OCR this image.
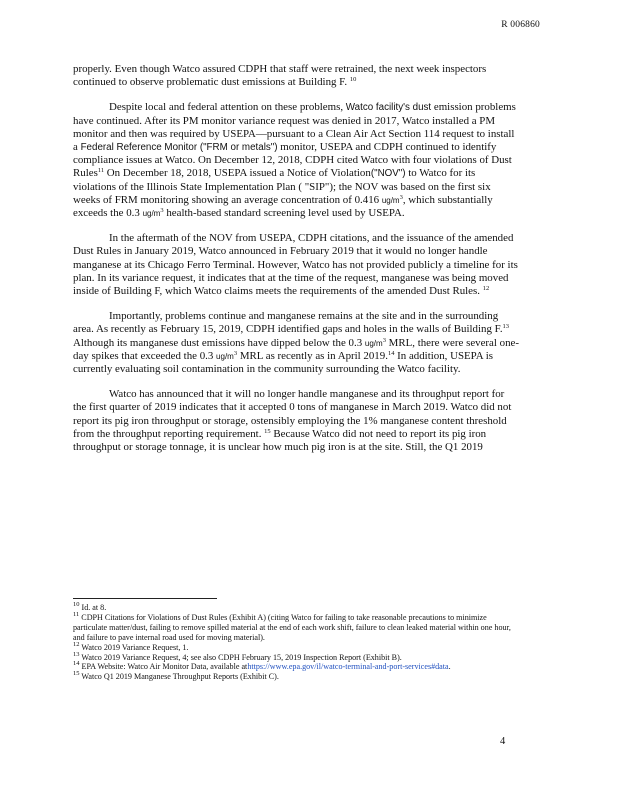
R 006860

properly. Even though Watco assured CDPH that staff were retrained, the next week inspectors continued to observe problematic dust emissions at Building F. $^{10}$

Despite local and federal attention on these problems, Watco facility's dust emission problems have continued. After its PM monitor variance request was denied in 2017, Watco installed a PM monitor and then was required by USEPA—pursuant to a Clean Air Act Section 114 request to install a Federal Reference Monitor ("FRM or metals") monitor, USEPA and CDPH continued to identify compliance issues at Watco. On December 12, 2018, CDPH cited Watco with four violations of Dust Rules$^{11}$ On December 18, 2018, USEPA issued a Notice of Violation("NOV") to Watco for its violations of the Illinois State Implementation Plan ( "SIP"); the NOV was based on the first six weeks of FRM monitoring showing an average concentration of 0.416 $ug/m^3$, which substantially exceeds the 0.3 $ug/m^3$ health-based standard screening level used by USEPA.

In the aftermath of the NOV from USEPA, CDPH citations, and the issuance of the amended Dust Rules in January 2019, Watco announced in February 2019 that it would no longer handle manganese at its Chicago Ferro Terminal. However, Watco has not provided publicly a timeline for its plan. In its variance request, it indicates that at the time of the request, manganese was being moved inside of Building F, which Watco claims meets the requirements of the amended Dust Rules. $^{12}$

Importantly, problems continue and manganese remains at the site and in the surrounding area. As recently as February 15, 2019, CDPH identified gaps and holes in the walls of Building F.$^{13}$ Although its manganese dust emissions have dipped below the 0.3 $ug/m^3$ MRL, there were several one-day spikes that exceeded the 0.3 $ug/m^3$ MRL as recently as in April 2019.14 In addition, USEPA is currently evaluating soil contamination in the community surrounding the Watco facility.

Watco has announced that it will no longer handle manganese and its throughput report for the first quarter of 2019 indicates that it accepted 0 tons of manganese in March 2019. Watco did not report its pig iron throughput or storage, ostensibly employing the 1% manganese content threshold from the throughput reporting requirement. $^{15}$ Because Watco did not need to report its pig iron throughput or storage tonnage, it is unclear how much pig iron is at the site. Still, the Q1 2019

$^{10}$ Id. at 8.

$^{11}$ CDPH Citations for Violations of Dust Rules (Exhibit A) (citing Watco for failing to take reasonable precautions to minimize particulate matter/dust, failing to remove spilled material at the end of each work shift, failure to clean leaked material within one hour, and failure to pave internal road used for moving material).

$^{12}$ Watco 2019 Variance Request, 1.

$^{13}$ Watco 2019 Variance Request, 4; see also CDPH February 15, 2019 Inspection Report (Exhibit B).

$^{14}$ EPA Website: Watco Air Monitor Data, available athttps://www.epa.gov/il/watco-terminal-and-port-services#data.

$^{15}$ Watco Q1 2019 Manganese Throughput Reports (Exhibit C).

4
